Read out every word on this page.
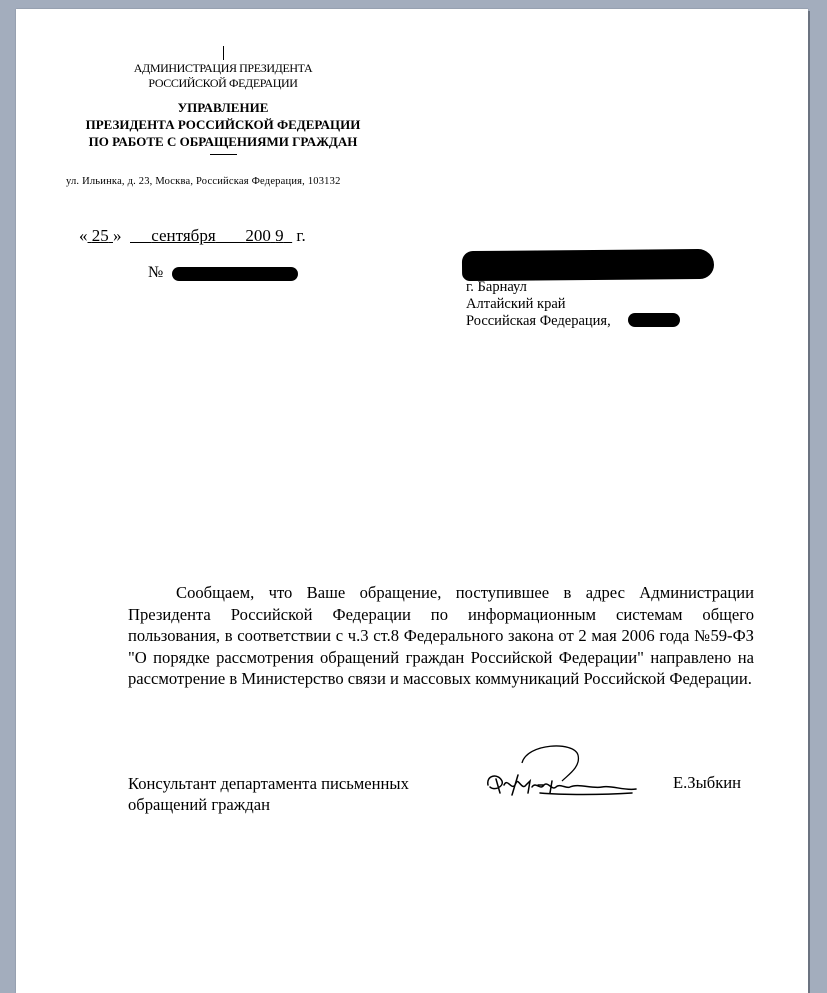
АДМИНИСТРАЦИЯ ПРЕЗИДЕНТА
РОССИЙСКОЙ ФЕДЕРАЦИИ
УПРАВЛЕНИЕ
ПРЕЗИДЕНТА РОССИЙСКОЙ ФЕДЕРАЦИИ
ПО РАБОТЕ С ОБРАЩЕНИЯМИ ГРАЖДАН
ул. Ильинка, д. 23, Москва, Российская Федерация, 103132
« 25 » сентября 200 9 г.
№
г. Барнаул
Алтайский край
Российская Федерация,
Сообщаем, что Ваше обращение, поступившее в адрес Администрации Президента Российской Федерации по информационным системам общего пользования, в соответствии с ч.3 ст.8 Федерального закона от 2 мая 2006 года №59-ФЗ "О порядке рассмотрения обращений граждан Российской Федерации" направлено на рассмотрение в Министерство связи и массовых коммуникаций Российской Федерации.
Консультант департамента письменных
обращений граждан
Е.Зыбкин
